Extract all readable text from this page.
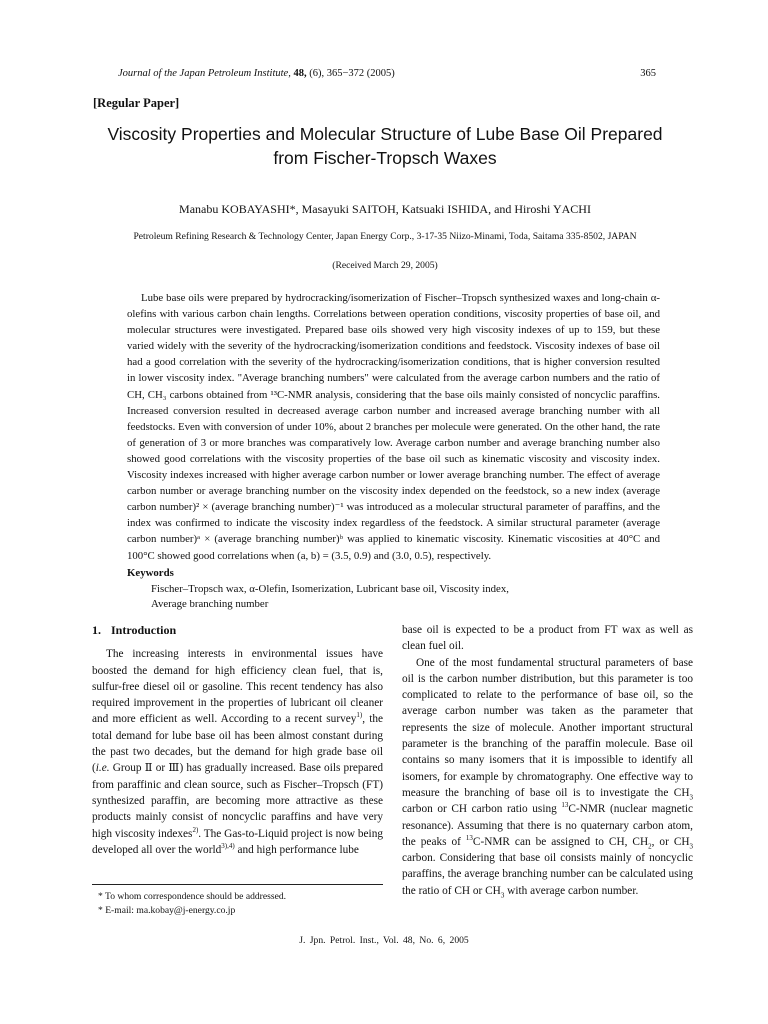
Journal of the Japan Petroleum Institute, 48, (6), 365−372 (2005)	365
[Regular Paper]
Viscosity Properties and Molecular Structure of Lube Base Oil Prepared from Fischer-Tropsch Waxes
Manabu KOBAYASHI*, Masayuki SAITOH, Katsuaki ISHIDA, and Hiroshi YACHI
Petroleum Refining Research & Technology Center, Japan Energy Corp., 3-17-35 Niizo-Minami, Toda, Saitama 335-8502, JAPAN
(Received March 29, 2005)

Lube base oils were prepared by hydrocracking/isomerization of Fischer–Tropsch synthesized waxes and long-chain α-olefins with various carbon chain lengths. Correlations between operation conditions, viscosity properties of base oil, and molecular structures were investigated. Prepared base oils showed very high viscosity indexes of up to 159, but these varied widely with the severity of the hydrocracking/isomerization conditions and feedstock. Viscosity indexes of base oil had a good correlation with the severity of the hydrocracking/isomerization conditions, that is higher conversion resulted in lower viscosity index. "Average branching numbers" were calculated from the average carbon numbers and the ratio of CH, CH₃ carbons obtained from ¹³C-NMR analysis, considering that the base oils mainly consisted of noncyclic paraffins. Increased conversion resulted in decreased average carbon number and increased average branching number with all feedstocks. Even with conversion of under 10%, about 2 branches per molecule were generated. On the other hand, the rate of generation of 3 or more branches was comparatively low. Average carbon number and average branching number also showed good correlations with the viscosity properties of the base oil such as kinematic viscosity and viscosity index. Viscosity indexes increased with higher average carbon number or lower average branching number. The effect of average carbon number or average branching number on the viscosity index depended on the feedstock, so a new index (average carbon number)² × (average branching number)⁻¹ was introduced as a molecular structural parameter of paraffins, and the index was confirmed to indicate the viscosity index regardless of the feedstock. A similar structural parameter (average carbon number)ᵃ × (average branching number)ᵇ was applied to kinematic viscosity. Kinematic viscosities at 40°C and 100°C showed good correlations when (a, b) = (3.5, 0.9) and (3.0, 0.5), respectively.

Keywords
Fischer–Tropsch wax, α-Olefin, Isomerization, Lubricant base oil, Viscosity index,
Average branching number
1. Introduction

The increasing interests in environmental issues have boosted the demand for high efficiency clean fuel, that is, sulfur-free diesel oil or gasoline. This recent tendency has also required improvement in the properties of lubricant oil cleaner and more efficient as well. According to a recent survey$^{1)}$, the total demand for lube base oil has been almost constant during the past two decades, but the demand for high grade base oil (i.e. Group Ⅱ or Ⅲ) has gradually increased. Base oils prepared from paraffinic and clean source, such as Fischer–Tropsch (FT) synthesized paraffin, are becoming more attractive as these products mainly consist of noncyclic paraffins and have very high viscosity indexes$^{2)}$. The Gas-to-Liquid project is now being developed all over the world$^{3),4)}$ and high performance lube

base oil is expected to be a product from FT wax as well as clean fuel oil.

One of the most fundamental structural parameters of base oil is the carbon number distribution, but this parameter is too complicated to relate to the performance of base oil, so the average carbon number was taken as the parameter that represents the size of molecule. Another important structural parameter is the branching of the paraffin molecule. Base oil contains so many isomers that it is impossible to identify all isomers, for example by chromatography. One effective way to measure the branching of base oil is to investigate the $CH_3$ carbon or CH carbon ratio using $^{13}$C-NMR (nuclear magnetic resonance). Assuming that there is no quaternary carbon atom, the peaks of $^{13}$C-NMR can be assigned to CH, $CH_2$, or $CH_3$ carbon. Considering that base oil consists mainly of noncyclic paraffins, the average branching number can be calculated using the ratio of CH or $CH_3$ with average carbon number.

* To whom correspondence should be addressed.
* E-mail: ma.kobay@j-energy.co.jp
J. Jpn. Petrol. Inst., Vol. 48, No. 6, 2005
